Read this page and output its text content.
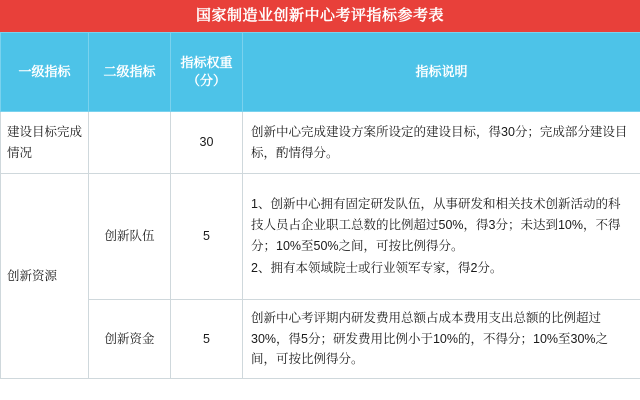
国家制造业创新中心考评指标参考表
一级指标	二级指标	指标权重（分）	指标说明
建设目标完成情况		30	创新中心完成建设方案所设定的建设目标，得30分；完成部分建设目标，酌情得分。

创新资源	创新队伍	5	1、创新中心拥有固定研发队伍，从事研发和相关技术创新活动的科技人员占企业职工总数的比例超过50%，得3分；未达到10%，不得分；10%至50%之间，可按比例得分。

2、拥有本领域院士或行业领军专家，得2分。

	创新资金	5	创新中心考评期内研发费用总额占成本费用支出总额的比例超过30%，得5分；研发费用比例小于10%的，不得分；10%至30%之间，可按比例得分。
